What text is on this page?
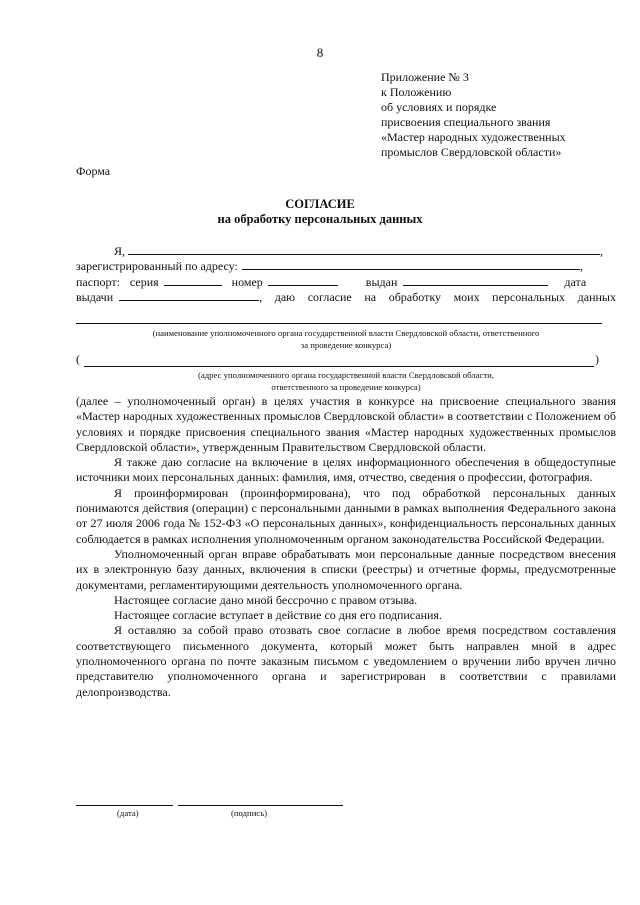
8
Приложение № 3
к Положению
об условиях и порядке
присвоения специального звания
«Мастер народных художественных
промыслов Свердловской области»
Форма
СОГЛАСИЕ
на обработку персональных данных
Я,	,
зарегистрированный по адресу:	,
паспорт: серия	номер	выдан	дата
выдачи	, даю согласие на обработку моих персональных данных
(наименование уполномоченного органа государственной власти Свердловской области, ответственного
за проведение конкурса)
(	)
(адрес уполномоченного органа государственной власти Свердловской области,
ответственного за проведение конкурса)
(далее – уполномоченный орган) в целях участия в конкурсе на присвоение специального звания «Мастер народных художественных промыслов Свердловской области» в соответствии с Положением об условиях и порядке присвоения специального звания «Мастер народных художественных промыслов Свердловской области», утвержденным Правительством Свердловской области.
Я также даю согласие на включение в целях информационного обеспечения в общедоступные источники моих персональных данных: фамилия, имя, отчество, сведения о профессии, фотография.
Я проинформирован (проинформирована), что под обработкой персональных данных понимаются действия (операции) с персональными данными в рамках выполнения Федерального закона от 27 июля 2006 года № 152-ФЗ «О персональных данных», конфиденциальность персональных данных соблюдается в рамках исполнения уполномоченным органом законодательства Российской Федерации.
Уполномоченный орган вправе обрабатывать мои персональные данные посредством внесения их в электронную базу данных, включения в списки (реестры) и отчетные формы, предусмотренные документами, регламентирующими деятельность уполномоченного органа.
Настоящее согласие дано мной бессрочно с правом отзыва.
Настоящее согласие вступает в действие со дня его подписания.
Я оставляю за собой право отозвать свое согласие в любое время посредством составления соответствующего письменного документа, который может быть направлен мной в адрес уполномоченного органа по почте заказным письмом с уведомлением о вручении либо вручен лично представителю уполномоченного органа и зарегистрирован в соответствии с правилами делопроизводства.
(дата)	(подпись)
